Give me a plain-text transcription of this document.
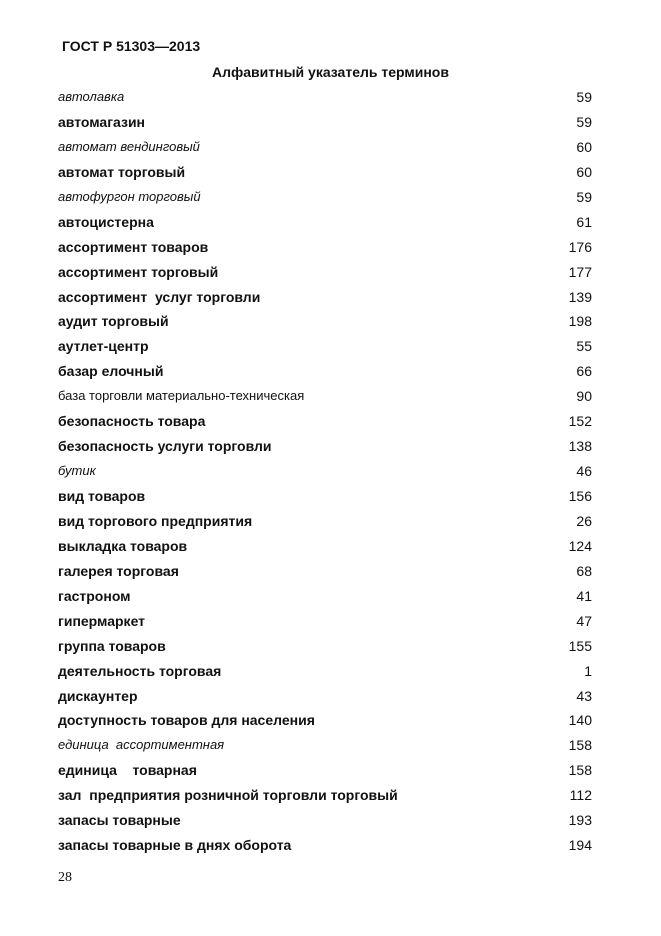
ГОСТ Р 51303—2013
Алфавитный указатель терминов
автолавка	59
автомагазин	59
автомат вендинговый	60
автомат торговый	60
автофургон торговый	59
автоцистерна	61
ассортимент товаров	176
ассортимент торговый	177
ассортимент  услуг торговли	139
аудит торговый	198
аутлет-центр	55
базар елочный	66
база торговли материально-техническая	90
безопасность товара	152
безопасность услуги торговли	138
бутик	46
вид товаров	156
вид торгового предприятия	26
выкладка товаров	124
галерея торговая	68
гастроном	41
гипермаркет	47
группа товаров	155
деятельность торговая	1
дискаунтер	43
доступность товаров для населения	140
единица  ассортиментная	158
единица    товарная	158
зал  предприятия розничной торговли торговый	112
запасы товарные	193
запасы товарные в днях оборота	194
28
